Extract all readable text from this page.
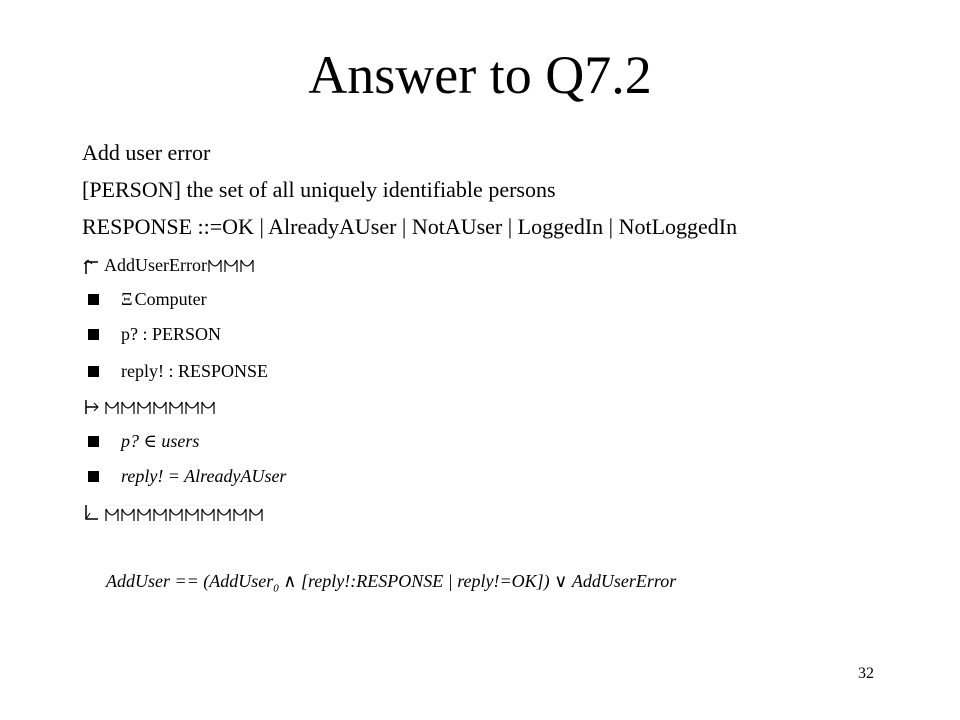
Answer to Q7.2
Add user error
[PERSON] the set of all uniquely identifiable persons
RESPONSE ::=OK | AlreadyAUser | NotAUser | LoggedIn | NotLoggedIn
AddUserError
Ξ Computer
p? : PERSON
reply! : RESPONSE
p? ∈ users
reply! = AlreadyAUser
AddUser == (AddUser$_0$ ∧ [reply!:RESPONSE | reply!=OK]) ∨ AddUserError
32
